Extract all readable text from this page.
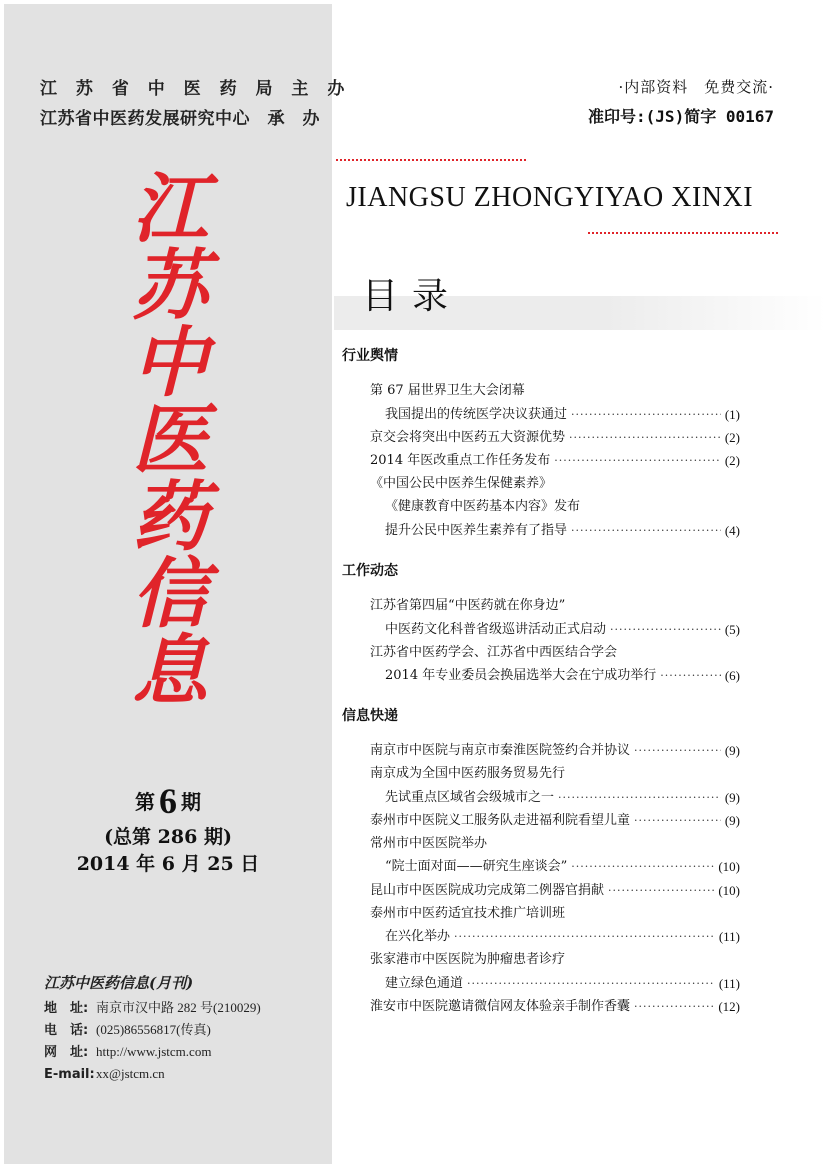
江 苏 省 中 医 药 局 主 办
江苏省中医药发展研究中心　承　办
江
苏
中
医
药
信
息
第 6 期
(总第 286 期)
2014 年 6 月 25 日
江苏中医药信息(月刊)
地　址: 南京市汉中路 282 号(210029)
电　话: (025)86556817(传真)
网　址: http://www.jstcm.com
E-mail:xx@jstcm.cn
·内部资料　免费交流·
准印号:(JS)简字 00167
JIANGSU ZHONGYIYAO XINXI
目录
行业舆情
第 67 届世界卫生大会闭幕
我国提出的传统医学决议获通过 ·····	(1)
京交会将突出中医药五大资源优势 ·····	(2)
2014 年医改重点工作任务发布 ·····	(2)
《中国公民中医养生保健素养》
《健康教育中医药基本内容》发布
提升公民中医养生素养有了指导 ·····	(4)
工作动态
江苏省第四届“中医药就在你身边”
中医药文化科普省级巡讲活动正式启动 ·····	(5)
江苏省中医药学会、江苏省中西医结合学会
2014 年专业委员会换届选举大会在宁成功举行 ·····	(6)
信息快递
南京市中医院与南京市秦淮医院签约合并协议 ·····	(9)
南京成为全国中医药服务贸易先行
先试重点区域省会级城市之一 ·····	(9)
泰州市中医院义工服务队走进福利院看望儿童 ·····	(9)
常州市中医医院举办
“院士面对面——研究生座谈会” ·····	(10)
昆山市中医医院成功完成第二例器官捐献 ·····	(10)
泰州市中医药适宜技术推广培训班
在兴化举办 ·····	(11)
张家港市中医医院为肿瘤患者诊疗
建立绿色通道 ·····	(11)
淮安市中医院邀请微信网友体验亲手制作香囊 ·····	(12)
